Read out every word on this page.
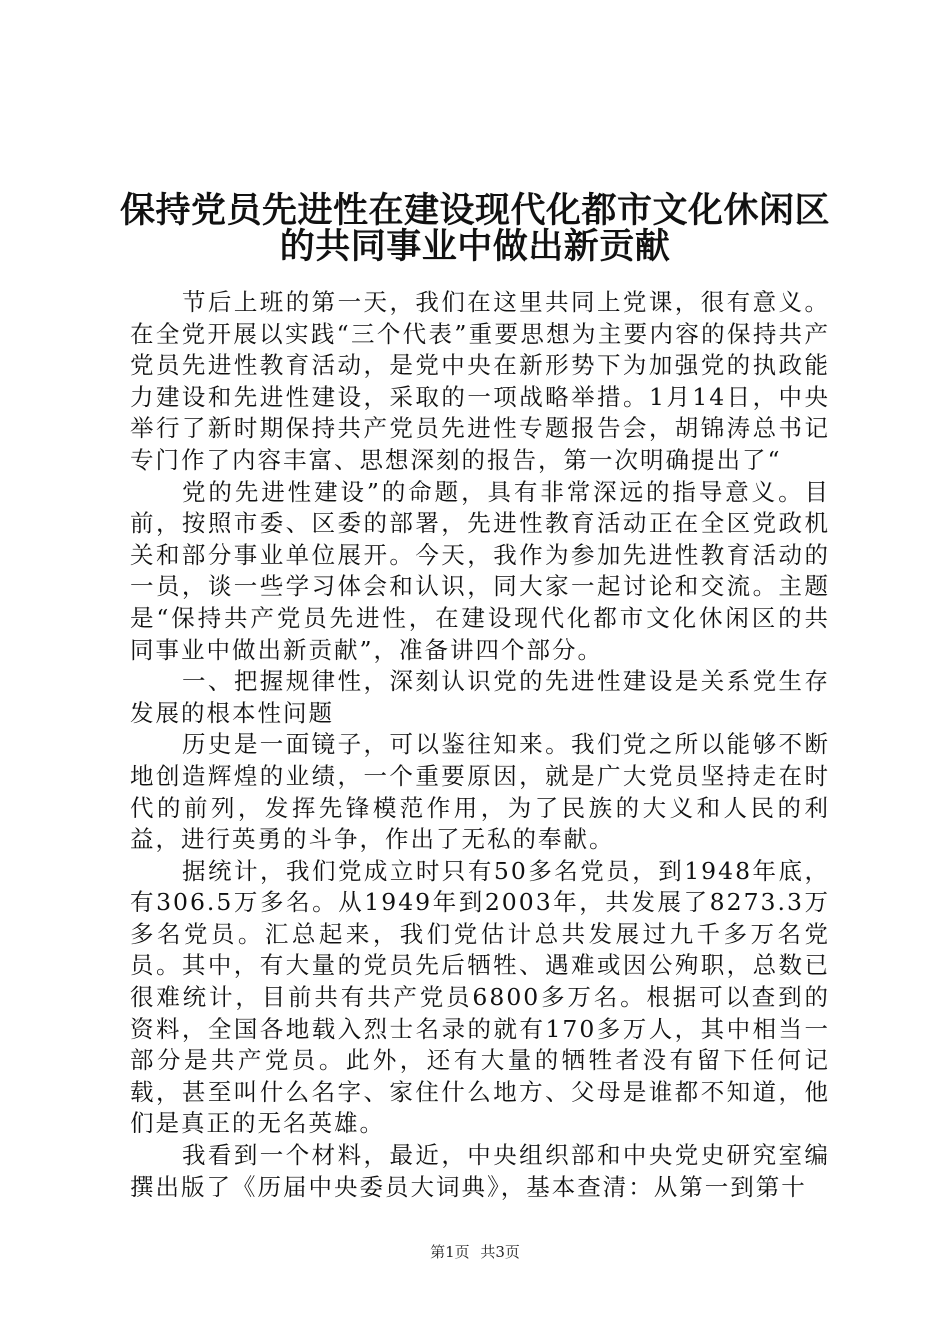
保持党员先进性在建设现代化都市文化休闲区
的共同事业中做出新贡献

节后上班的第一天，我们在这里共同上党课，很有意义。在全党开展以实践“三个代表”重要思想为主要内容的保持共产党员先进性教育活动，是党中央在新形势下为加强党的执政能力建设和先进性建设，采取的一项战略举措。1月14日，中央举行了新时期保持共产党员先进性专题报告会，胡锦涛总书记专门作了内容丰富、思想深刻的报告，第一次明确提出了“

党的先进性建设”的命题，具有非常深远的指导意义。目前，按照市委、区委的部署，先进性教育活动正在全区党政机关和部分事业单位展开。今天，我作为参加先进性教育活动的一员，谈一些学习体会和认识，同大家一起讨论和交流。主题是“保持共产党员先进性，在建设现代化都市文化休闲区的共同事业中做出新贡献”，准备讲四个部分。

一、把握规律性，深刻认识党的先进性建设是关系党生存发展的根本性问题

历史是一面镜子，可以鉴往知来。我们党之所以能够不断地创造辉煌的业绩，一个重要原因，就是广大党员坚持走在时代的前列，发挥先锋模范作用，为了民族的大义和人民的利益，进行英勇的斗争，作出了无私的奉献。

据统计，我们党成立时只有50多名党员，到1948年底，有306.5万多名。从1949年到2003年，共发展了8273.3万多名党员。汇总起来，我们党估计总共发展过九千多万名党员。其中，有大量的党员先后牺牲、遇难或因公殉职，总数已很难统计，目前共有共产党员6800多万名。根据可以查到的资料，全国各地载入烈士名录的就有170多万人，其中相当一部分是共产党员。此外，还有大量的牺牲者没有留下任何记载，甚至叫什么名字、家住什么地方、父母是谁都不知道，他们是真正的无名英雄。

我看到一个材料，最近，中央组织部和中央党史研究室编撰出版了《历届中央委员大词典》，基本查清：从第一到第十

第1页 共3页
